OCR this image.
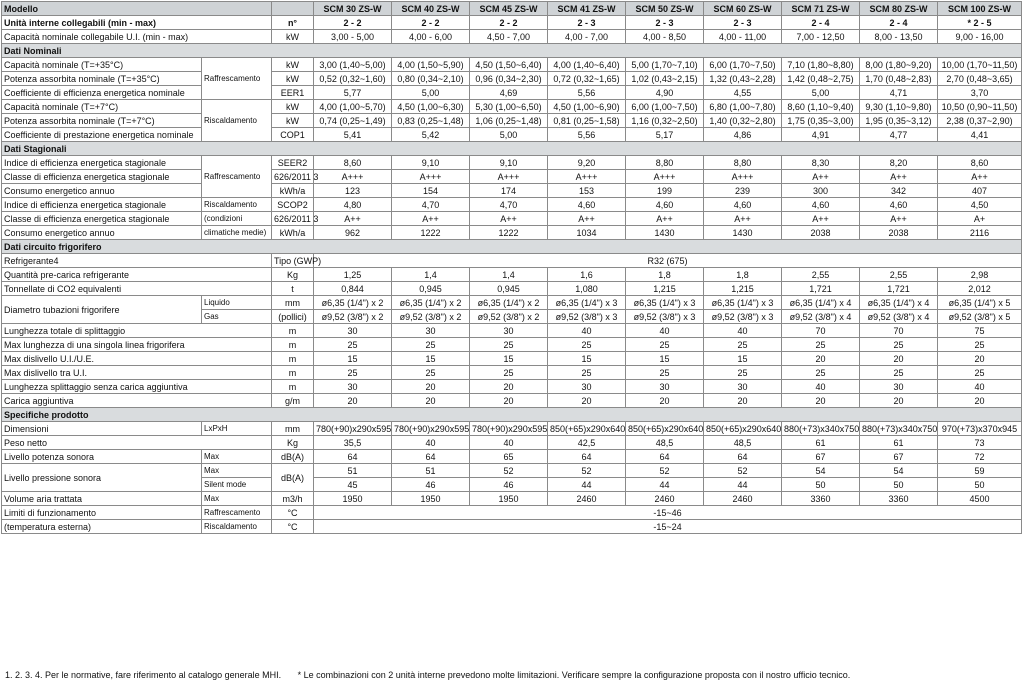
Modello			SCM 30 ZS-W	SCM 40 ZS-W	SCM 45 ZS-W	SCM 41 ZS-W	SCM 50 ZS-W	SCM 60 ZS-W	SCM 71 ZS-W	SCM 80 ZS-W	SCM 100 ZS-W
Unità interne collegabili (min - max)		n°	2 - 2	2 - 2	2 - 2	2 - 3	2 - 3	2 - 3	2 - 4	2 - 4	* 2 - 5
Capacità nominale collegabile U.I. (min - max)		kW	3,00 - 5,00	4,00 - 6,00	4,50 - 7,00	4,00 - 7,00	4,00 - 8,50	4,00 - 11,00	7,00 - 12,50	8,00 - 13,50	9,00 - 16,00
Dati Nominali											
Capacità nominale (T=+35°C)	Raffrescamento	kW	3,00 (1,40~5,00)	4,00 (1,50~5,90)	4,50 (1,50~6,40)	4,00 (1,40~6,40)	5,00 (1,70~7,10)	6,00 (1,70~7,50)	7,10 (1,80~8,80)	8,00 (1,80~9,20)	10,00 (1,70~11,50)
Potenza assorbita nominale (T=+35°C)		kW	0,52 (0,32~1,60)	0,80 (0,34~2,10)	0,96 (0,34~2,30)	0,72 (0,32~1,65)	1,02 (0,43~2,15)	1,32 (0,43~2,28)	1,42 (0,48~2,75)	1,70 (0,48~2,83)	2,70 (0,48~3,65)
Coefficiente di efficienza energetica nominale		EER1	5,77	5,00	4,69	5,56	4,90	4,55	5,00	4,71	3,70
Capacità nominale (T=+7°C)	Riscaldamento	kW	4,00 (1,00~5,70)	4,50 (1,00~6,30)	5,30 (1,00~6,50)	4,50 (1,00~6,90)	6,00 (1,00~7,50)	6,80 (1,00~7,80)	8,60 (1,10~9,40)	9,30 (1,10~9,80)	10,50 (0,90~11,50)
Potenza assorbita nominale (T=+7°C)		kW	0,74 (0,25~1,49)	0,83 (0,25~1,48)	1,06 (0,25~1,48)	0,81 (0,25~1,58)	1,16 (0,32~2,50)	1,40 (0,32~2,80)	1,75 (0,35~3,00)	1,95 (0,35~3,12)	2,38 (0,37~2,90)
Coefficiente di prestazione energetica nominale		COP1	5,41	5,42	5,00	5,56	5,17	4,86	4,91	4,77	4,41
Dati Stagionali											
Indice di efficienza energetica stagionale	Raffrescamento	SEER2	8,60	9,10	9,10	9,20	8,80	8,80	8,30	8,20	8,60
Classe di efficienza energetica stagionale		626/2011 3	A+++	A+++	A+++	A+++	A+++	A+++	A++	A++	A++
Consumo energetico annuo		kWh/a	123	154	174	153	199	239	300	342	407
Indice di efficienza energetica stagionale	Riscaldamento	SCOP2	4,80	4,70	4,70	4,60	4,60	4,60	4,60	4,60	4,50
Classe di efficienza energetica stagionale	(condizioni	626/2011 3	A++	A++	A++	A++	A++	A++	A++	A++	A+
Consumo energetico annuo	climatiche medie)	kWh/a	962	1222	1222	1034	1430	1430	2038	2038	2116
Dati circuito frigorifero											
Refrigerante4		Tipo (GWP)	R32 (675)								
Quantità pre-carica refrigerante		Kg	1,25	1,4	1,4	1,6	1,8	1,8	2,55	2,55	2,98
Tonnellate di CO2 equivalenti		t	0,844	0,945	0,945	1,080	1,215	1,215	1,721	1,721	2,012
Diametro tubazioni frigorifere	Liquido	mm	ø6,35 (1/4") x 2	ø6,35 (1/4") x 2	ø6,35 (1/4") x 2	ø6,35 (1/4") x 3	ø6,35 (1/4") x 3	ø6,35 (1/4") x 3	ø6,35 (1/4") x 4	ø6,35 (1/4") x 4	ø6,35 (1/4") x 5
	Gas	(pollici)	ø9,52 (3/8") x 2	ø9,52 (3/8") x 2	ø9,52 (3/8") x 2	ø9,52 (3/8") x 3	ø9,52 (3/8") x 3	ø9,52 (3/8") x 3	ø9,52 (3/8") x 4	ø9,52 (3/8") x 4	ø9,52 (3/8") x 5
Lunghezza totale di splittaggio		m	30	30	30	40	40	40	70	70	75
Max lunghezza di una singola linea frigorifera		m	25	25	25	25	25	25	25	25	25
Max dislivello U.I./U.E.		m	15	15	15	15	15	15	20	20	20
Max dislivello tra U.I.		m	25	25	25	25	25	25	25	25	25
Lunghezza splittaggio senza carica aggiuntiva		m	30	20	20	30	30	30	40	30	40
Carica aggiuntiva		g/m	20	20	20	20	20	20	20	20	20
Specifiche prodotto											
Dimensioni	LxPxH	mm	780(+90)x290x595	780(+90)x290x595	780(+90)x290x595	850(+65)x290x640	850(+65)x290x640	850(+65)x290x640	880(+73)x340x750	880(+73)x340x750	970(+73)x370x945
Peso netto		Kg	35,5	40	40	42,5	48,5	48,5	61	61	73
Livello potenza sonora	Max	dB(A)	64	64	65	64	64	64	67	67	72
Livello pressione sonora	Max	dB(A)	51	51	52	52	52	52	54	54	59
	Silent mode		45	46	46	44	44	44	50	50	50
Volume aria trattata	Max	m3/h	1950	1950	1950	2460	2460	2460	3360	3360	4500
Limiti di funzionamento	Raffrescamento	°C	-15~46								
(temperatura esterna)	Riscaldamento	°C	-15~24								
1. 2. 3. 4. Per le normative, fare riferimento al catalogo generale MHI. * Le combinazioni con 2 unità interne prevedono molte limitazioni. Verificare sempre la configurazione proposta con il nostro ufficio tecnico.
